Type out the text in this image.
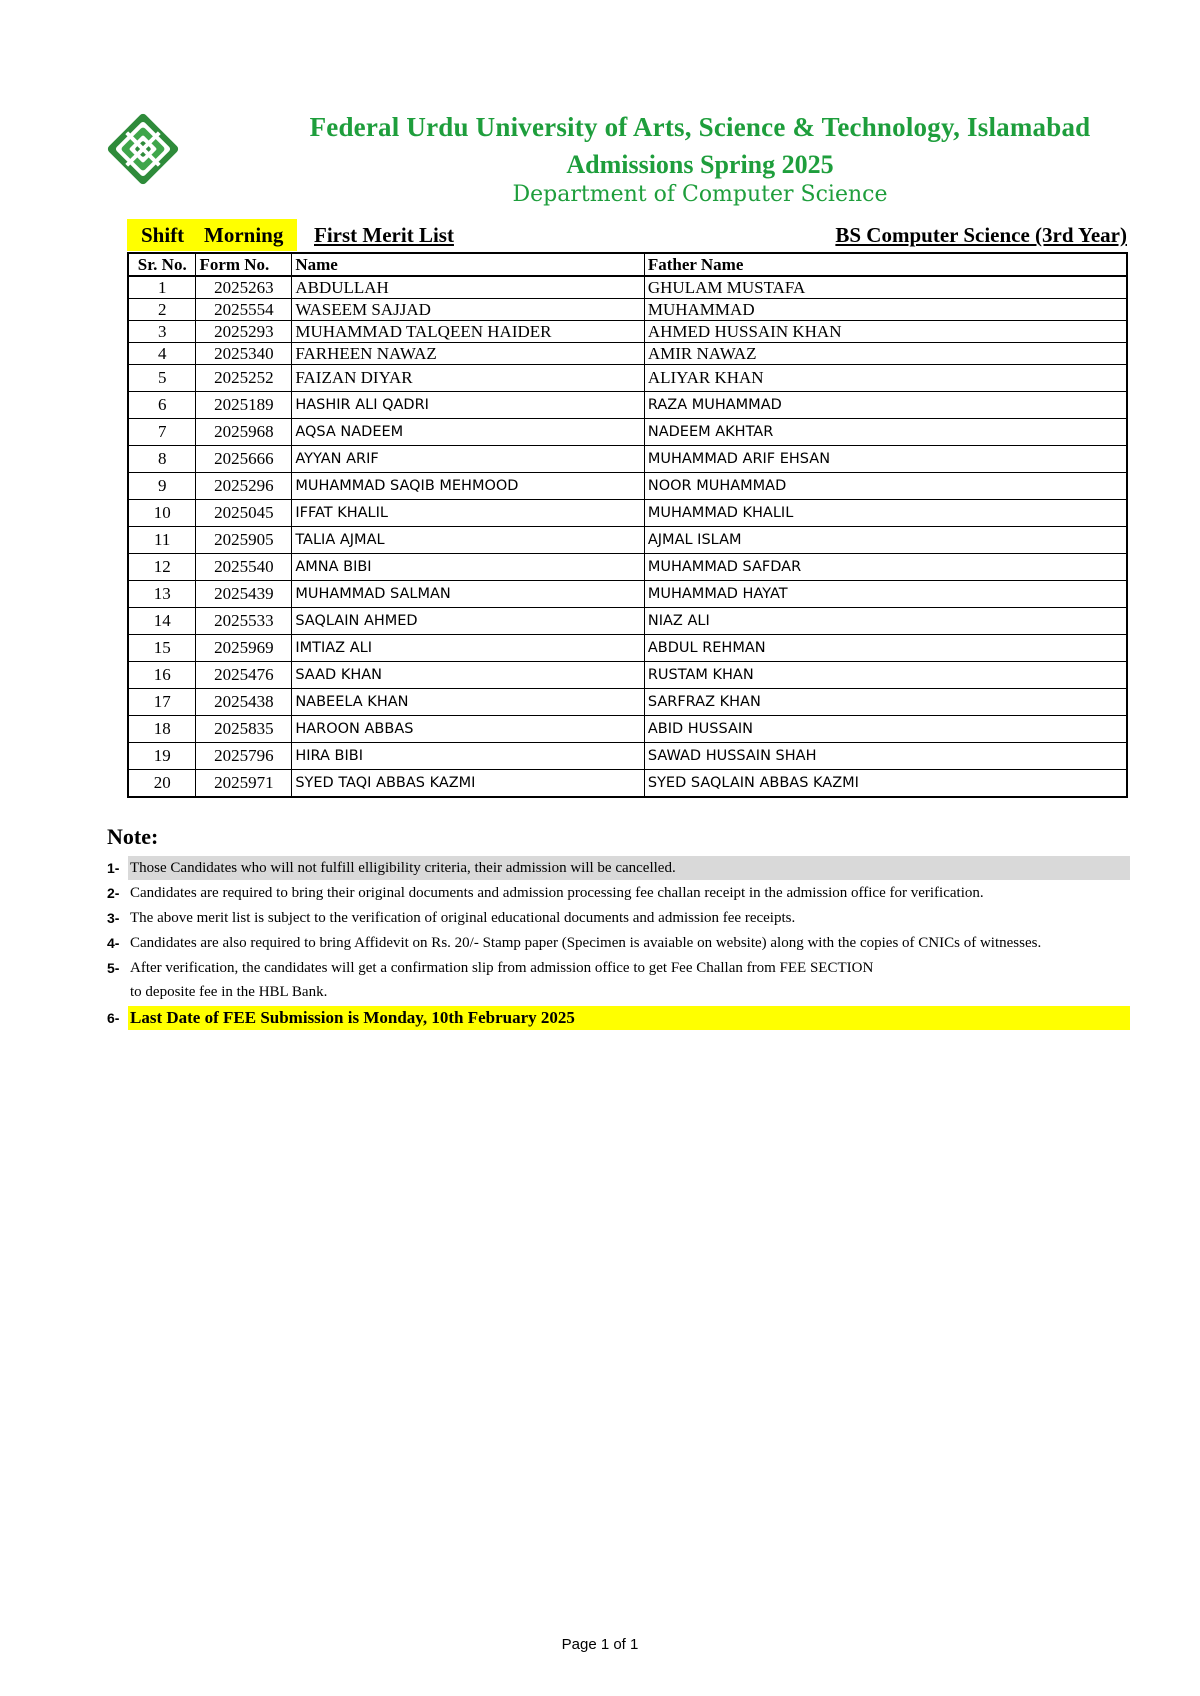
Federal Urdu University of Arts, Science & Technology, Islamabad
Admissions Spring 2025
Department of Computer Science
Shift Morning First Merit List	BS Computer Science (3rd Year)
Sr. No.	Form No.	Name	Father Name
1	2025263	ABDULLAH	GHULAM MUSTAFA
2	2025554	WASEEM SAJJAD	MUHAMMAD
3	2025293	MUHAMMAD TALQEEN HAIDER	AHMED HUSSAIN KHAN
4	2025340	FARHEEN NAWAZ	AMIR NAWAZ
5	2025252	FAIZAN DIYAR	ALIYAR KHAN
6	2025189	HASHIR ALI QADRI	RAZA MUHAMMAD
7	2025968	AQSA NADEEM	NADEEM AKHTAR
8	2025666	AYYAN ARIF	MUHAMMAD ARIF EHSAN
9	2025296	MUHAMMAD SAQIB MEHMOOD	NOOR MUHAMMAD
10	2025045	IFFAT KHALIL	MUHAMMAD KHALIL
11	2025905	TALIA AJMAL	AJMAL ISLAM
12	2025540	AMNA BIBI	MUHAMMAD SAFDAR
13	2025439	MUHAMMAD SALMAN	MUHAMMAD HAYAT
14	2025533	SAQLAIN AHMED	NIAZ ALI
15	2025969	IMTIAZ ALI	ABDUL REHMAN
16	2025476	SAAD KHAN	RUSTAM KHAN
17	2025438	NABEELA KHAN	SARFRAZ KHAN
18	2025835	HAROON ABBAS	ABID HUSSAIN
19	2025796	HIRA BIBI	SAWAD HUSSAIN SHAH
20	2025971	SYED TAQI ABBAS KAZMI	SYED SAQLAIN ABBAS KAZMI
Note:
1- Those Candidates who will not fulfill elligibility criteria, their admission will be cancelled.
2- Candidates are required to bring their original documents and admission processing fee challan receipt in the admission office for verification.
3- The above merit list is subject to the verification of original educational documents and admission fee receipts.
4- Candidates are also required to bring Affidevit on Rs. 20/- Stamp paper (Specimen is avaiable on website) along with the copies of CNICs of witnesses.
5- After verification, the candidates will get a confirmation slip from admission office to get Fee Challan from FEE SECTION
to deposite fee in the HBL Bank.
6- Last Date of FEE Submission is Monday, 10th February 2025
Page 1 of 1
